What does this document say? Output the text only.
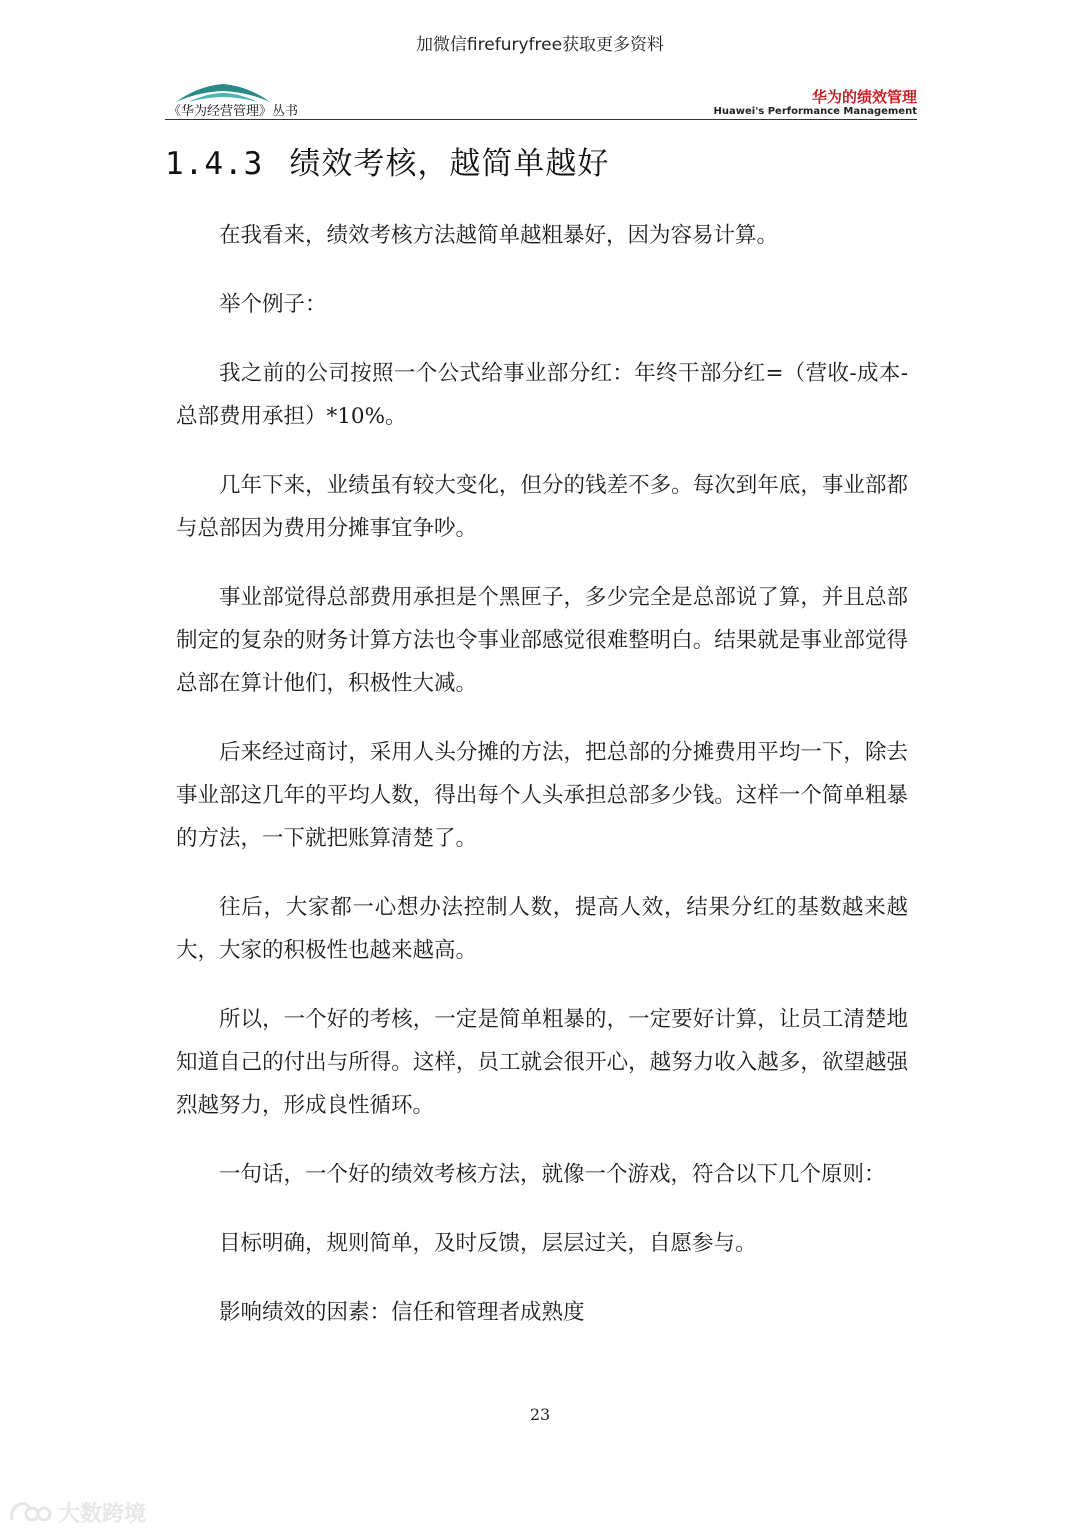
加微信firefuryfree获取更多资料
《华为经营管理》丛书
华为的绩效管理
Huawei's Performance Management
1.4.3 绩效考核，越简单越好

在我看来，绩效考核方法越简单越粗暴好，因为容易计算。

举个例子：

我之前的公司按照一个公式给事业部分红：年终干部分红=（营收-成本-总部费用承担）*10%。

几年下来，业绩虽有较大变化，但分的钱差不多。每次到年底，事业部都与总部因为费用分摊事宜争吵。

事业部觉得总部费用承担是个黑匣子，多少完全是总部说了算，并且总部制定的复杂的财务计算方法也令事业部感觉很难整明白。结果就是事业部觉得总部在算计他们，积极性大减。

后来经过商讨，采用人头分摊的方法，把总部的分摊费用平均一下，除去事业部这几年的平均人数，得出每个人头承担总部多少钱。这样一个简单粗暴的方法，一下就把账算清楚了。

往后，大家都一心想办法控制人数，提高人效，结果分红的基数越来越大，大家的积极性也越来越高。

所以，一个好的考核，一定是简单粗暴的，一定要好计算，让员工清楚地知道自己的付出与所得。这样，员工就会很开心，越努力收入越多，欲望越强烈越努力，形成良性循环。

一句话，一个好的绩效考核方法，就像一个游戏，符合以下几个原则：

目标明确，规则简单，及时反馈，层层过关，自愿参与。

影响绩效的因素：信任和管理者成熟度

23
大数跨境
